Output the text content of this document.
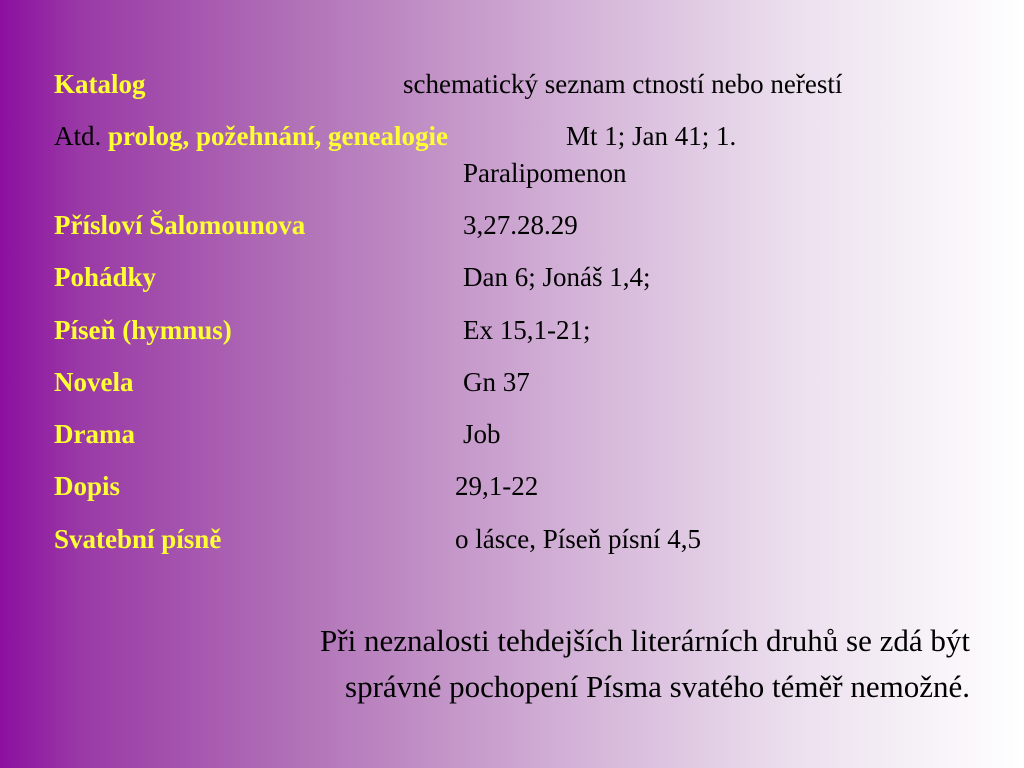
Katalog	schematický seznam ctností nebo neřestí
Atd. prolog, požehnání, genealogie	Mt 1; Jan 41; 1.
Paralipomenon
Přísloví Šalomounova	3,27.28.29
Pohádky	Dan 6; Jonáš 1,4;
Píseň (hymnus)	Ex 15,1-21;
Novela	Gn 37
Drama	Job
Dopis	29,1-22
Svatební písně	o lásce, Píseň písní 4,5
Při neznalosti tehdejších literárních druhů se zdá být
správné pochopení Písma svatého téměř nemožné.
